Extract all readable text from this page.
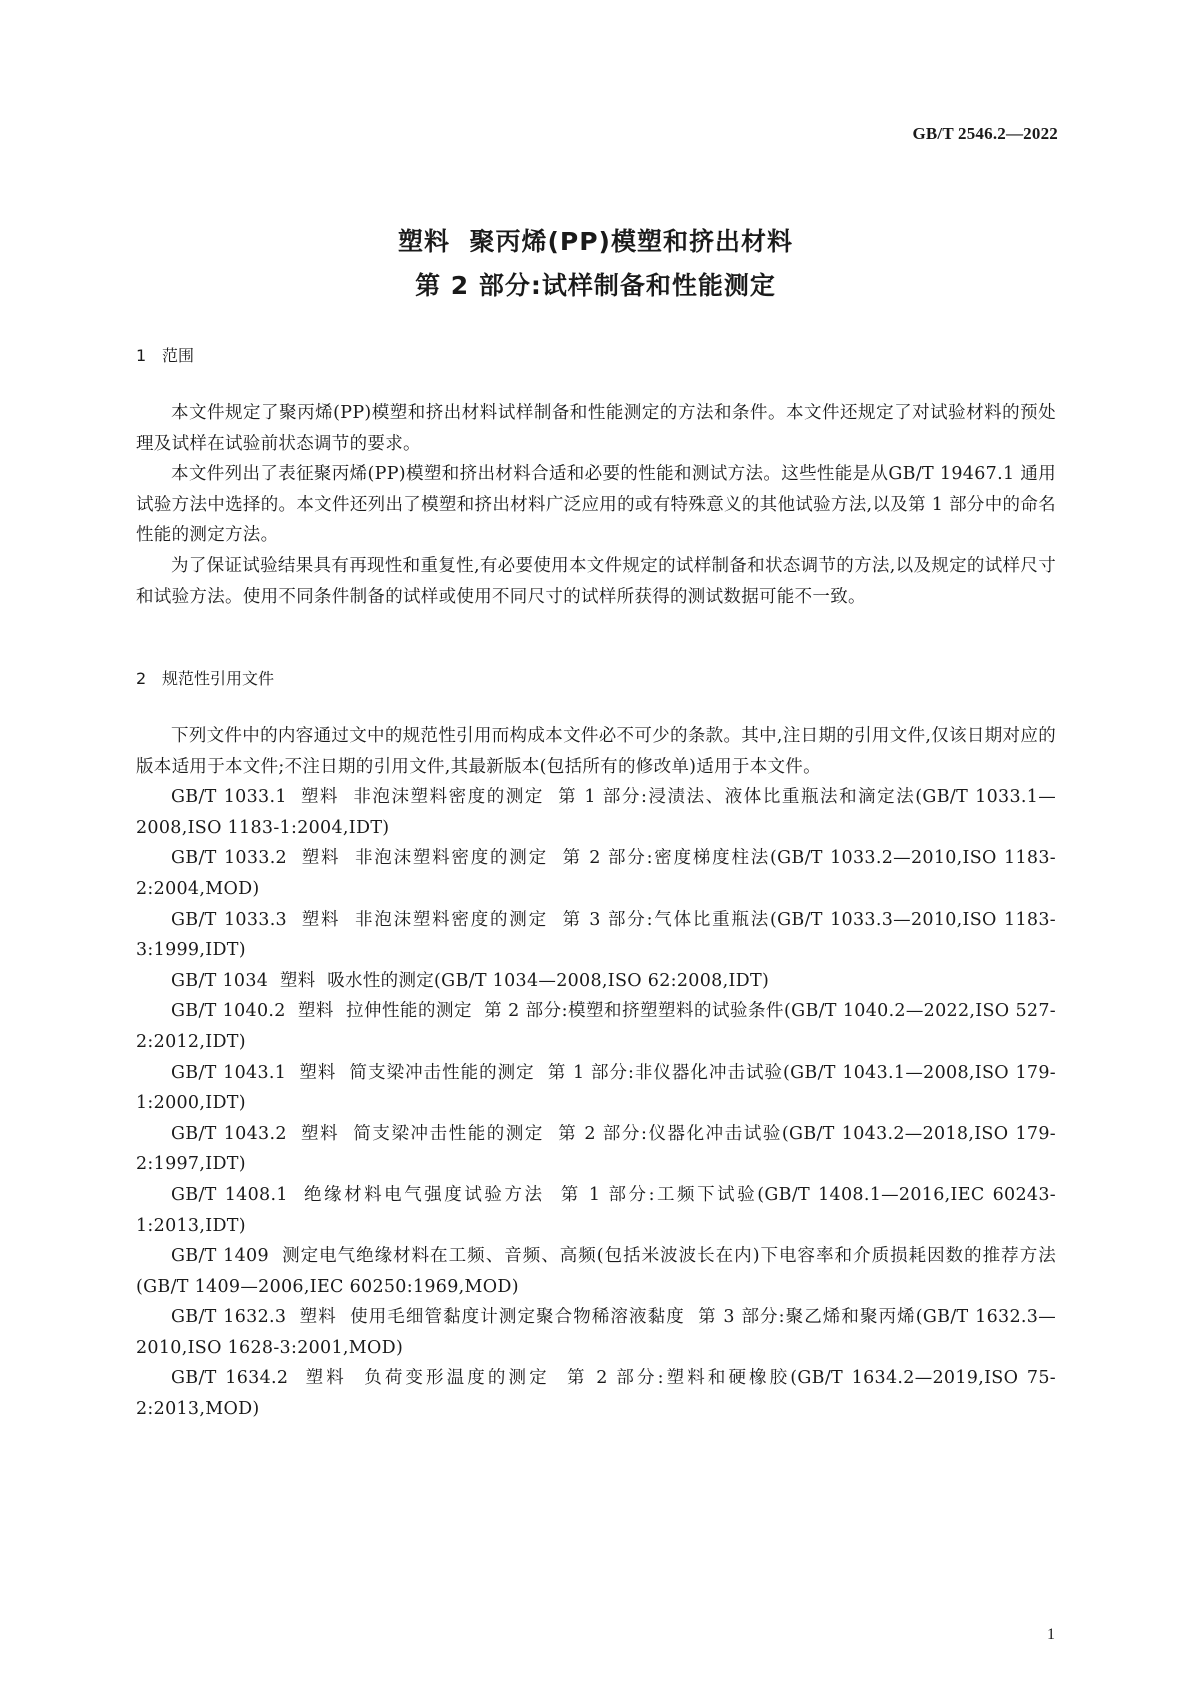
GB/T 2546.2—2022
塑料  聚丙烯(PP)模塑和挤出材料
第 2 部分:试样制备和性能测定
1 范围

本文件规定了聚丙烯(PP)模塑和挤出材料试样制备和性能测定的方法和条件。本文件还规定了对试验材料的预处理及试样在试验前状态调节的要求。

本文件列出了表征聚丙烯(PP)模塑和挤出材料合适和必要的性能和测试方法。这些性能是从GB/T 19467.1 通用试验方法中选择的。本文件还列出了模塑和挤出材料广泛应用的或有特殊意义的其他试验方法,以及第 1 部分中的命名性能的测定方法。

为了保证试验结果具有再现性和重复性,有必要使用本文件规定的试样制备和状态调节的方法,以及规定的试样尺寸和试验方法。使用不同条件制备的试样或使用不同尺寸的试样所获得的测试数据可能不一致。

2 规范性引用文件

下列文件中的内容通过文中的规范性引用而构成本文件必不可少的条款。其中,注日期的引用文件,仅该日期对应的版本适用于本文件;不注日期的引用文件,其最新版本(包括所有的修改单)适用于本文件。

GB/T 1033.1  塑料  非泡沫塑料密度的测定  第 1 部分:浸渍法、液体比重瓶法和滴定法(GB/T 1033.1—2008,ISO 1183-1:2004,IDT)

GB/T 1033.2  塑料  非泡沫塑料密度的测定  第 2 部分:密度梯度柱法(GB/T 1033.2—2010,ISO 1183-2:2004,MOD)

GB/T 1033.3  塑料  非泡沫塑料密度的测定  第 3 部分:气体比重瓶法(GB/T 1033.3—2010,ISO 1183-3:1999,IDT)

GB/T 1034  塑料  吸水性的测定(GB/T 1034—2008,ISO 62:2008,IDT)

GB/T 1040.2  塑料  拉伸性能的测定  第 2 部分:模塑和挤塑塑料的试验条件(GB/T 1040.2—2022,ISO 527-2:2012,IDT)

GB/T 1043.1  塑料  简支梁冲击性能的测定  第 1 部分:非仪器化冲击试验(GB/T 1043.1—2008,ISO 179-1:2000,IDT)

GB/T 1043.2  塑料  简支梁冲击性能的测定  第 2 部分:仪器化冲击试验(GB/T 1043.2—2018,ISO 179-2:1997,IDT)

GB/T 1408.1  绝缘材料电气强度试验方法  第 1 部分:工频下试验(GB/T 1408.1—2016,IEC 60243-1:2013,IDT)

GB/T 1409  测定电气绝缘材料在工频、音频、高频(包括米波波长在内)下电容率和介质损耗因数的推荐方法(GB/T 1409—2006,IEC 60250:1969,MOD)

GB/T 1632.3  塑料  使用毛细管黏度计测定聚合物稀溶液黏度  第 3 部分:聚乙烯和聚丙烯(GB/T 1632.3—2010,ISO 1628-3:2001,MOD)

GB/T 1634.2  塑料  负荷变形温度的测定  第 2 部分:塑料和硬橡胶(GB/T 1634.2—2019,ISO 75-2:2013,MOD)

1
